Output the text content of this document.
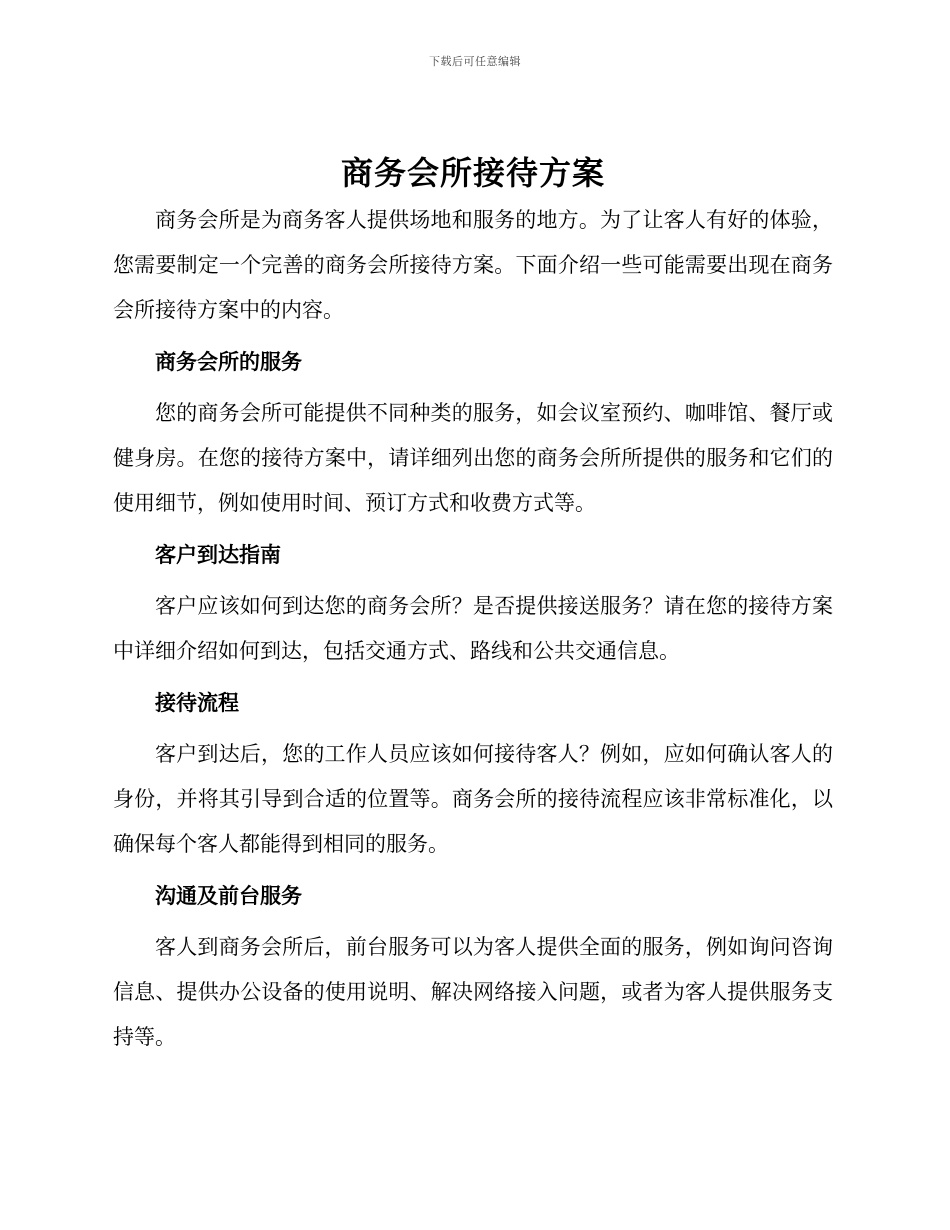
下载后可任意编辑
商务会所接待方案

商务会所是为商务客人提供场地和服务的地方。为了让客人有好的体验，您需要制定一个完善的商务会所接待方案。下面介绍一些可能需要出现在商务会所接待方案中的内容。

商务会所的服务

您的商务会所可能提供不同种类的服务，如会议室预约、咖啡馆、餐厅或健身房。在您的接待方案中，请详细列出您的商务会所所提供的服务和它们的使用细节，例如使用时间、预订方式和收费方式等。

客户到达指南

客户应该如何到达您的商务会所？是否提供接送服务？请在您的接待方案中详细介绍如何到达，包括交通方式、路线和公共交通信息。

接待流程

客户到达后，您的工作人员应该如何接待客人？例如，应如何确认客人的身份，并将其引导到合适的位置等。商务会所的接待流程应该非常标准化，以确保每个客人都能得到相同的服务。

沟通及前台服务

客人到商务会所后，前台服务可以为客人提供全面的服务，例如询问咨询信息、提供办公设备的使用说明、解决网络接入问题，或者为客人提供服务支持等。
